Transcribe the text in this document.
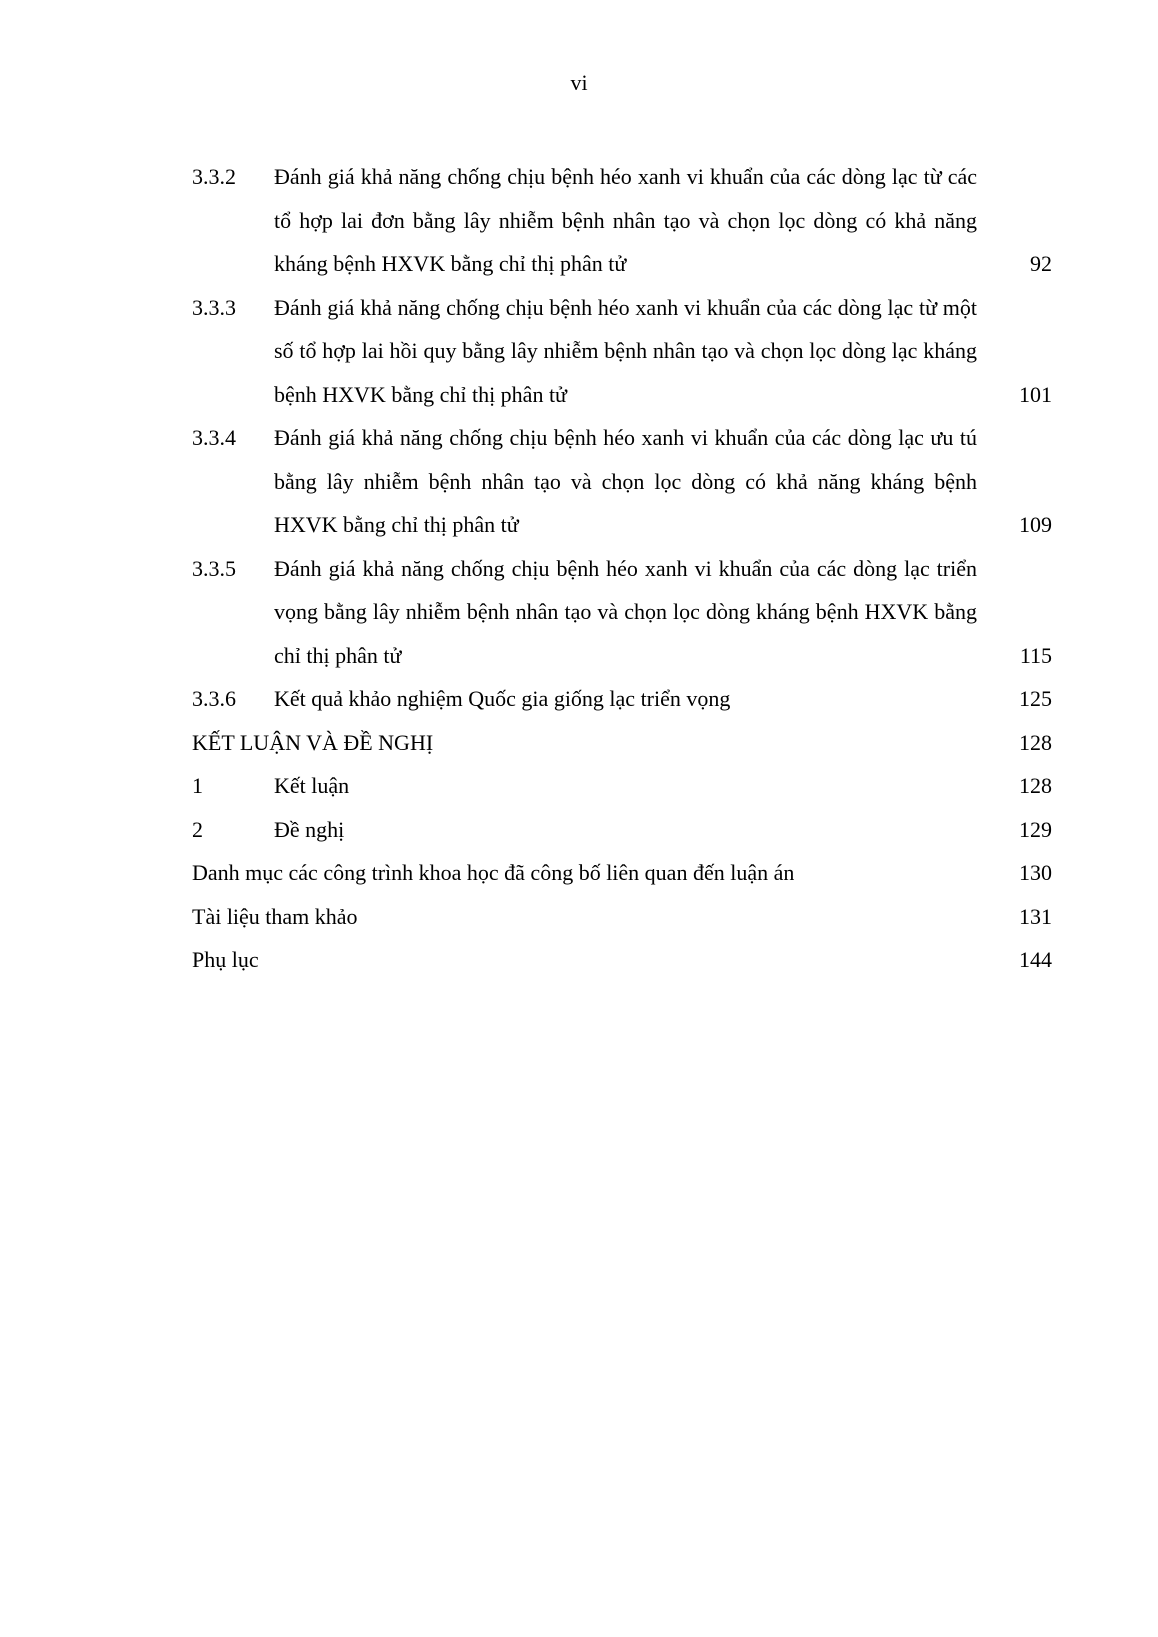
vi
3.3.2	Đánh giá khả năng chống chịu bệnh héo xanh vi khuẩn của các dòng lạc từ các tổ hợp lai đơn bằng lây nhiễm bệnh nhân tạo và chọn lọc dòng có khả năng kháng bệnh HXVK bằng chỉ thị phân tử	92
3.3.3	Đánh giá khả năng chống chịu bệnh héo xanh vi khuẩn của các dòng lạc từ một số tổ hợp lai hồi quy bằng lây nhiễm bệnh nhân tạo và chọn lọc dòng lạc kháng bệnh HXVK bằng chỉ thị phân tử	101
3.3.4	Đánh giá khả năng chống chịu bệnh héo xanh vi khuẩn của các dòng lạc ưu tú bằng lây nhiễm bệnh nhân tạo và chọn lọc dòng có khả năng kháng bệnh HXVK bằng chỉ thị phân tử	109
3.3.5	Đánh giá khả năng chống chịu bệnh héo xanh vi khuẩn của các dòng lạc triển vọng bằng lây nhiễm bệnh nhân tạo và chọn lọc dòng kháng bệnh HXVK bằng chỉ thị phân tử	115
3.3.6	Kết quả khảo nghiệm Quốc gia giống lạc triển vọng	125
KẾT LUẬN VÀ ĐỀ NGHỊ	128
1	Kết luận	128
2	Đề nghị	129
Danh mục các công trình khoa học đã công bố liên quan đến luận án	130
Tài liệu tham khảo	131
Phụ lục	144
